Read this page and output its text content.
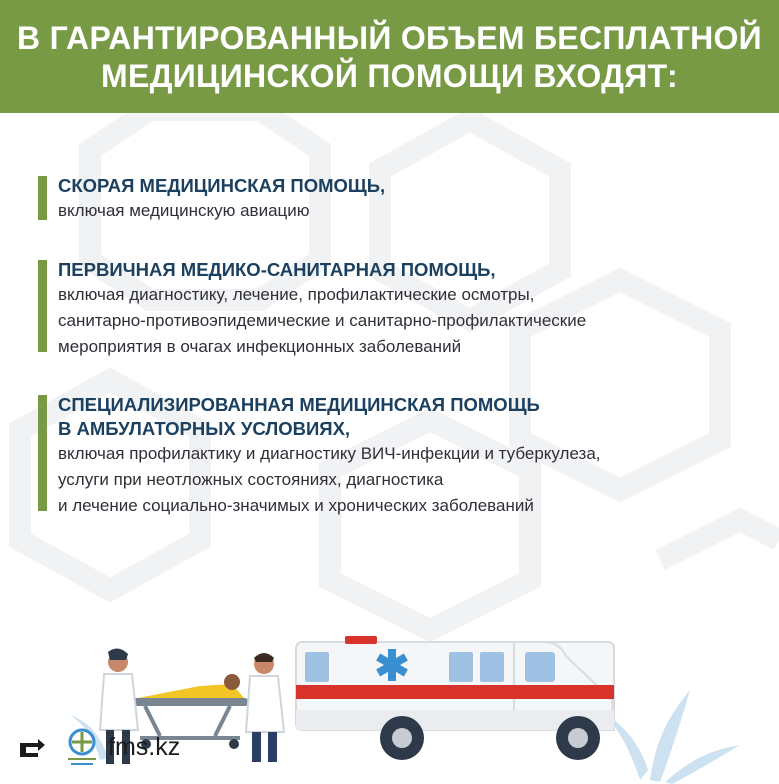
В ГАРАНТИРОВАННЫЙ ОБЪЕМ БЕСПЛАТНОЙ
МЕДИЦИНСКОЙ ПОМОЩИ ВХОДЯТ:
СКОРАЯ МЕДИЦИНСКАЯ ПОМОЩЬ,
включая медицинскую авиацию
ПЕРВИЧНАЯ МЕДИКО-САНИТАРНАЯ ПОМОЩЬ,
включая диагностику, лечение, профилактические осмотры,
санитарно-противоэпидемические и санитарно-профилактические
мероприятия в очагах инфекционных заболеваний
СПЕЦИАЛИЗИРОВАННАЯ МЕДИЦИНСКАЯ ПОМОЩЬ
В АМБУЛАТОРНЫХ УСЛОВИЯХ,
включая профилактику и диагностику ВИЧ-инфекции и туберкулеза,
услуги при неотложных состояниях, диагностика
и лечение социально-значимых и хронических заболеваний
fms.kz
